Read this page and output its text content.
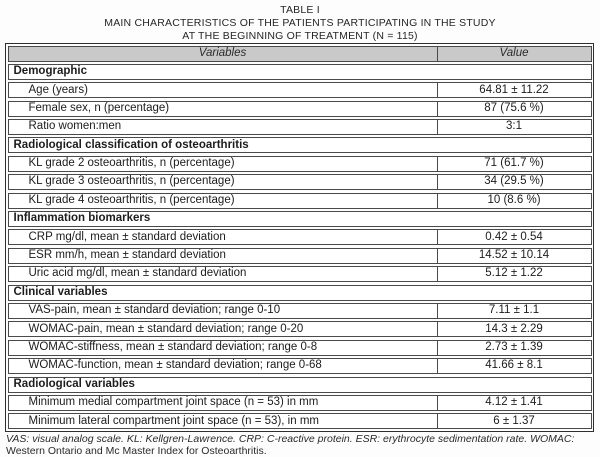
TABLE I
MAIN CHARACTERISTICS OF THE PATIENTS PARTICIPATING IN THE STUDY
AT THE BEGINNING OF TREATMENT (N = 115)
Variables	Value
Demographic
Age (years)	64.81 ± 11.22
Female sex, n (percentage)	87 (75.6 %)
Ratio women:men	3:1
Radiological classification of osteoarthritis
KL grade 2 osteoarthritis, n (percentage)	71 (61.7 %)
KL grade 3 osteoarthritis, n (percentage)	34 (29.5 %)
KL grade 4 osteoarthritis, n (percentage)	10 (8.6 %)
Inflammation biomarkers
CRP mg/dl, mean ± standard deviation	0.42 ± 0.54
ESR mm/h, mean ± standard deviation	14.52 ± 10.14
Uric acid mg/dl, mean ± standard deviation	5.12 ± 1.22
Clinical variables
VAS-pain, mean ± standard deviation; range 0-10	7.11 ± 1.1
WOMAC-pain, mean ± standard deviation; range 0-20	14.3 ± 2.29
WOMAC-stiffness, mean ± standard deviation; range 0-8	2.73 ± 1.39
WOMAC-function, mean ± standard deviation; range 0-68	41.66 ± 8.1
Radiological variables
Minimum medial compartment joint space (n = 53) in mm	4.12 ± 1.41
Minimum lateral compartment joint space (n = 53), in mm	6 ± 1.37
VAS: visual analog scale. KL: Kellgren-Lawrence. CRP: C-reactive protein. ESR: erythrocyte sedimentation rate. WOMAC:
Western Ontario and Mc Master Index for Osteoarthritis.
